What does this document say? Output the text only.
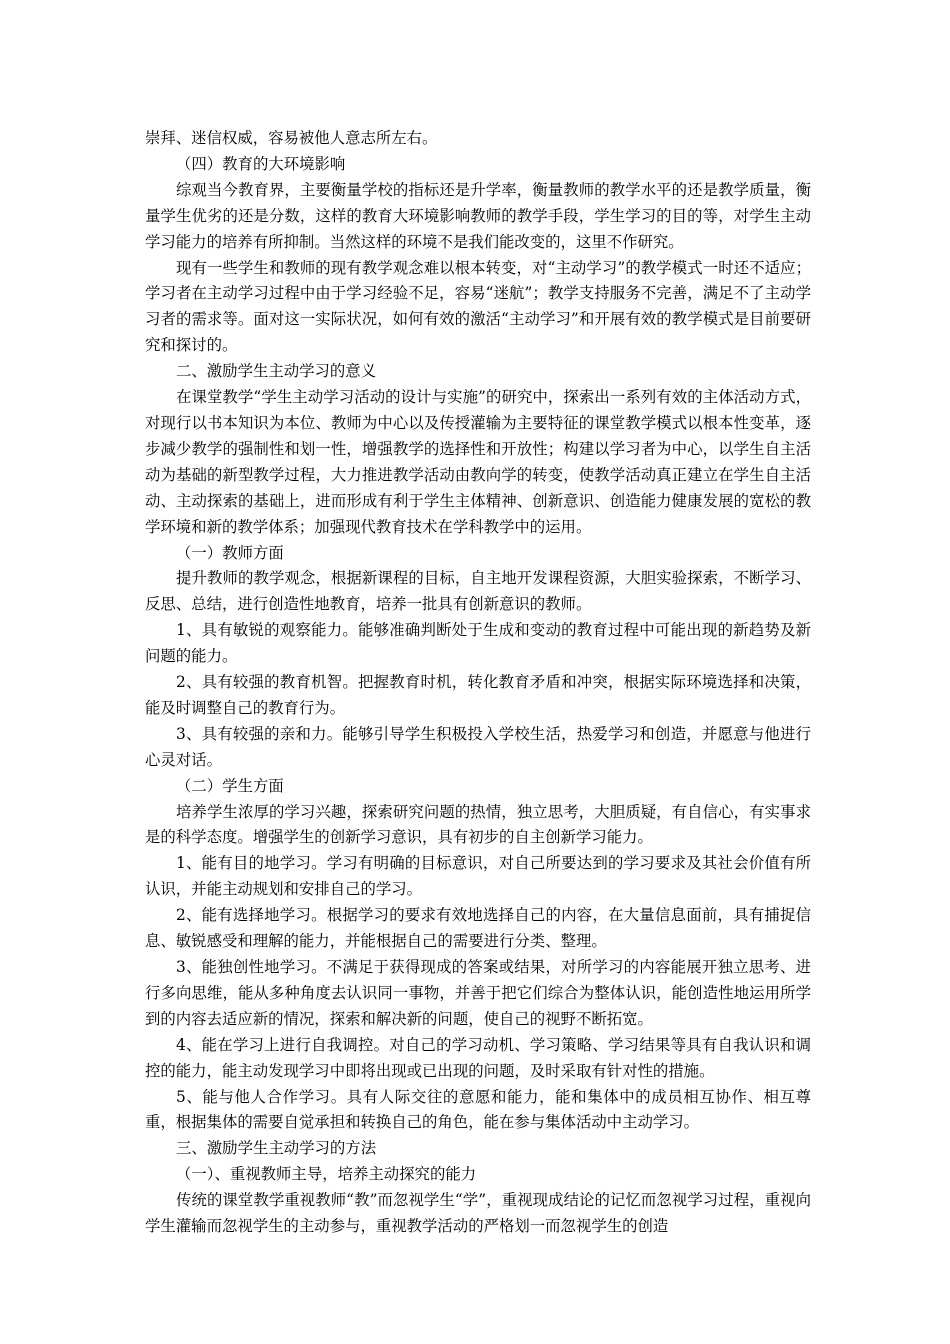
崇拜、迷信权威，容易被他人意志所左右。

（四）教育的大环境影响

综观当今教育界，主要衡量学校的指标还是升学率，衡量教师的教学水平的还是教学质量，衡量学生优劣的还是分数，这样的教育大环境影响教师的教学手段，学生学习的目的等，对学生主动学习能力的培养有所抑制。当然这样的环境不是我们能改变的，这里不作研究。

现有一些学生和教师的现有教学观念难以根本转变，对“主动学习”的教学模式一时还不适应；学习者在主动学习过程中由于学习经验不足，容易“迷航”；教学支持服务不完善，满足不了主动学习者的需求等。面对这一实际状况，如何有效的激活“主动学习”和开展有效的教学模式是目前要研究和探讨的。

二、激励学生主动学习的意义

在课堂教学“学生主动学习活动的设计与实施”的研究中，探索出一系列有效的主体活动方式，对现行以书本知识为本位、教师为中心以及传授灌输为主要特征的课堂教学模式以根本性变革，逐步减少教学的强制性和划一性，增强教学的选择性和开放性；构建以学习者为中心，以学生自主活动为基础的新型教学过程，大力推进教学活动由教向学的转变，使教学活动真正建立在学生自主活动、主动探索的基础上，进而形成有利于学生主体精神、创新意识、创造能力健康发展的宽松的教学环境和新的教学体系；加强现代教育技术在学科教学中的运用。

（一）教师方面

提升教师的教学观念，根据新课程的目标，自主地开发课程资源，大胆实验探索，不断学习、反思、总结，进行创造性地教育，培养一批具有创新意识的教师。

1、具有敏锐的观察能力。能够准确判断处于生成和变动的教育过程中可能出现的新趋势及新问题的能力。

2、具有较强的教育机智。把握教育时机，转化教育矛盾和冲突，根据实际环境选择和决策，能及时调整自己的教育行为。

3、具有较强的亲和力。能够引导学生积极投入学校生活，热爱学习和创造，并愿意与他进行心灵对话。

（二）学生方面

培养学生浓厚的学习兴趣，探索研究问题的热情，独立思考，大胆质疑，有自信心，有实事求是的科学态度。增强学生的创新学习意识，具有初步的自主创新学习能力。

1、能有目的地学习。学习有明确的目标意识，对自己所要达到的学习要求及其社会价值有所认识，并能主动规划和安排自己的学习。

2、能有选择地学习。根据学习的要求有效地选择自己的内容，在大量信息面前，具有捕捉信息、敏锐感受和理解的能力，并能根据自己的需要进行分类、整理。

3、能独创性地学习。不满足于获得现成的答案或结果，对所学习的内容能展开独立思考、进行多向思维，能从多种角度去认识同一事物，并善于把它们综合为整体认识，能创造性地运用所学到的内容去适应新的情况，探索和解决新的问题，使自己的视野不断拓宽。

4、能在学习上进行自我调控。对自己的学习动机、学习策略、学习结果等具有自我认识和调控的能力，能主动发现学习中即将出现或已出现的问题，及时采取有针对性的措施。

5、能与他人合作学习。具有人际交往的意愿和能力，能和集体中的成员相互协作、相互尊重，根据集体的需要自觉承担和转换自己的角色，能在参与集体活动中主动学习。

三、激励学生主动学习的方法

（一）、重视教师主导，培养主动探究的能力

传统的课堂教学重视教师“教”而忽视学生“学”，重视现成结论的记忆而忽视学习过程，重视向学生灌输而忽视学生的主动参与，重视教学活动的严格划一而忽视学生的创造
